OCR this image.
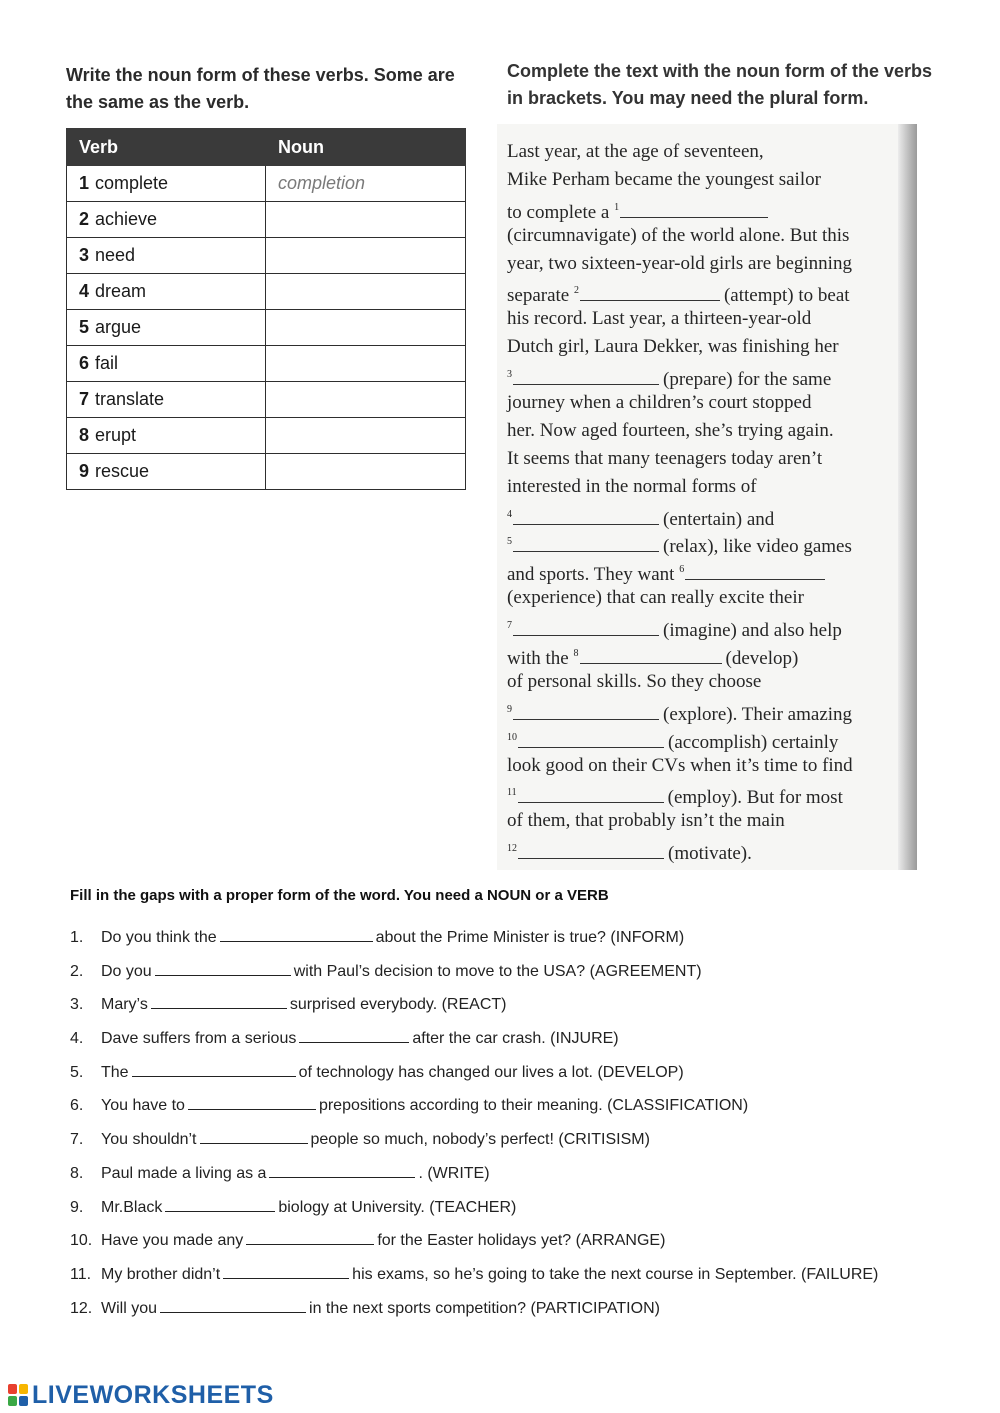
Write the noun form of these verbs. Some are the same as the verb.
Verb	Noun
1 complete	completion
2 achieve	
3 need	
4 dream	
5 argue	
6 fail	
7 translate	
8 erupt	
9 rescue	
Complete the text with the noun form of the verbs in brackets. You may need the plural form.
Last year, at the age of seventeen,
Mike Perham became the youngest sailor
to complete a $^1$
(circumnavigate) of the world alone. But this
year, two sixteen-year-old girls are beginning
separate $^2$	(attempt) to beat
his record. Last year, a thirteen-year-old
Dutch girl, Laura Dekker, was finishing her
$^3$	(prepare) for the same
journey when a children’s court stopped
her. Now aged fourteen, she’s trying again.
It seems that many teenagers today aren’t
interested in the normal forms of
$^4$	(entertain) and
$^5$	(relax), like video games
and sports. They want $^6$
(experience) that can really excite their
$^7$	(imagine) and also help
with the $^8$	(develop)
of personal skills. So they choose
$^9$	(explore). Their amazing
$^{10}$	(accomplish) certainly
look good on their CVs when it’s time to find
$^{11}$	(employ). But for most
of them, that probably isn’t the main
$^{12}$	(motivate).
Fill in the gaps with a proper form of the word. You need a NOUN or a VERB
1. Do you think the	about the Prime Minister is true? (INFORM)
2. Do you	with Paul’s decision to move to the USA? (AGREEMENT)
3. Mary’s	surprised everybody. (REACT)
4. Dave suffers from a serious	after the car crash. (INJURE)
5. The	of technology has changed our lives a lot. (DEVELOP)
6. You have to	prepositions according to their meaning. (CLASSIFICATION)
7. You shouldn’t	people so much, nobody’s perfect! (CRITISISM)
8. Paul made a living as a	. (WRITE)
9. Mr.Black	biology at University. (TEACHER)
10. Have you made any	for the Easter holidays yet? (ARRANGE)
11. My brother didn’t	his exams, so he’s going to take the next course in September. (FAILURE)
12. Will you	in the next sports competition? (PARTICIPATION)
LIVEWORKSHEETS
